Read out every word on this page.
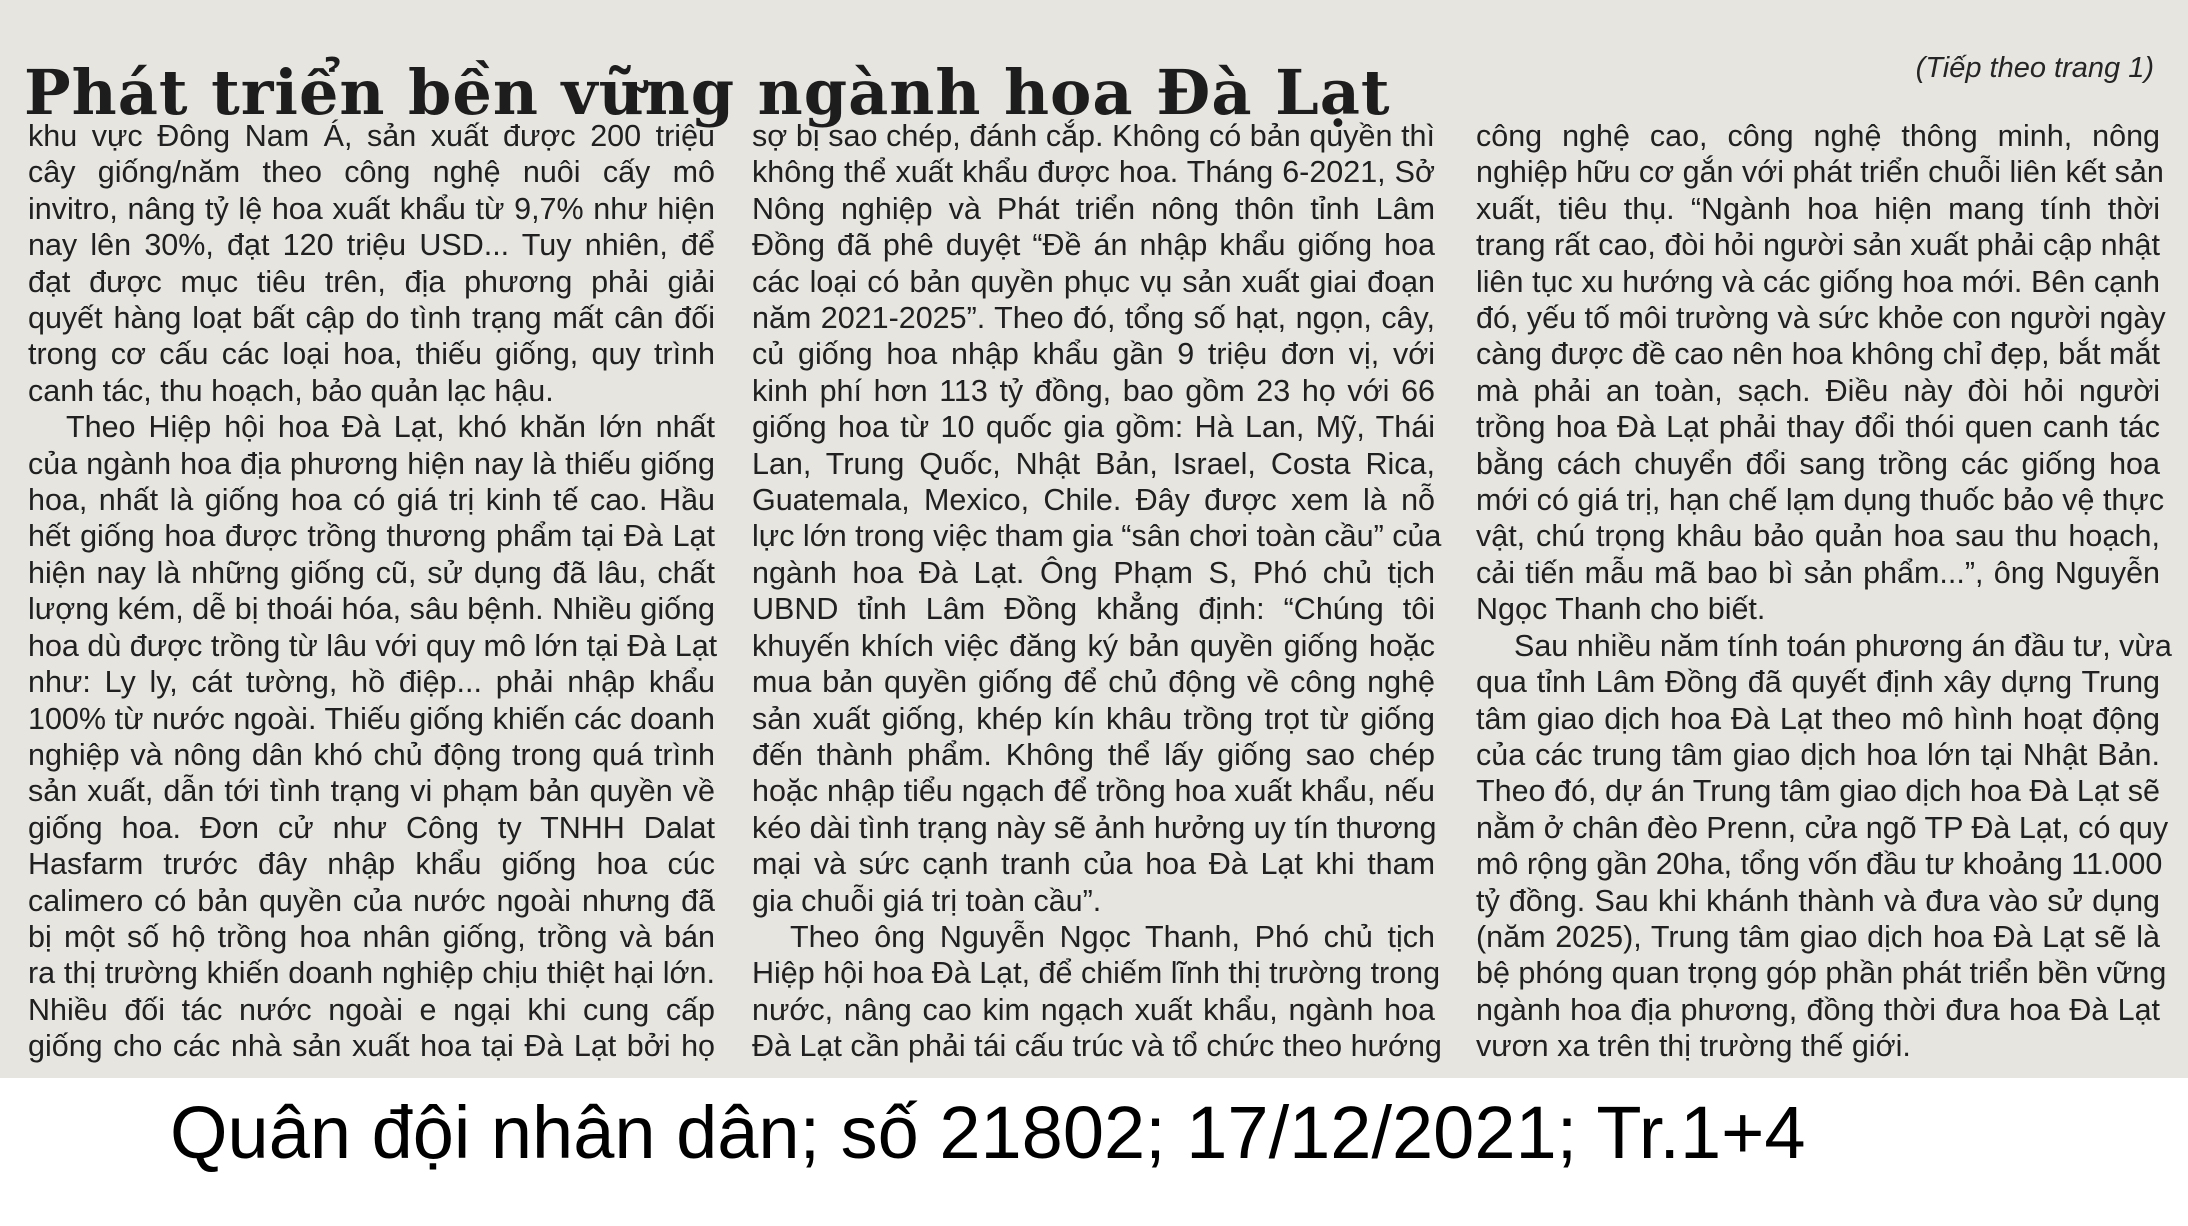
Phát triển bền vững ngành hoa Đà Lạt	(Tiếp theo trang 1)

khu vực Đông Nam Á, sản xuất được 200 triệu

cây giống/năm theo công nghệ nuôi cấy mô

invitro, nâng tỷ lệ hoa xuất khẩu từ 9,7% như hiện

nay lên 30%, đạt 120 triệu USD... Tuy nhiên, để

đạt được mục tiêu trên, địa phương phải giải

quyết hàng loạt bất cập do tình trạng mất cân đối

trong cơ cấu các loại hoa, thiếu giống, quy trình

canh tác, thu hoạch, bảo quản lạc hậu.

Theo Hiệp hội hoa Đà Lạt, khó khăn lớn nhất

của ngành hoa địa phương hiện nay là thiếu giống

hoa, nhất là giống hoa có giá trị kinh tế cao. Hầu

hết giống hoa được trồng thương phẩm tại Đà Lạt

hiện nay là những giống cũ, sử dụng đã lâu, chất

lượng kém, dễ bị thoái hóa, sâu bệnh. Nhiều giống

hoa dù được trồng từ lâu với quy mô lớn tại Đà Lạt

như: Ly ly, cát tường, hồ điệp... phải nhập khẩu

100% từ nước ngoài. Thiếu giống khiến các doanh

nghiệp và nông dân khó chủ động trong quá trình

sản xuất, dẫn tới tình trạng vi phạm bản quyền về

giống hoa. Đơn cử như Công ty TNHH Dalat

Hasfarm trước đây nhập khẩu giống hoa cúc

calimero có bản quyền của nước ngoài nhưng đã

bị một số hộ trồng hoa nhân giống, trồng và bán

ra thị trường khiến doanh nghiệp chịu thiệt hại lớn.

Nhiều đối tác nước ngoài e ngại khi cung cấp

giống cho các nhà sản xuất hoa tại Đà Lạt bởi họ

sợ bị sao chép, đánh cắp. Không có bản quyền thì

không thể xuất khẩu được hoa. Tháng 6-2021, Sở

Nông nghiệp và Phát triển nông thôn tỉnh Lâm

Đồng đã phê duyệt “Đề án nhập khẩu giống hoa

các loại có bản quyền phục vụ sản xuất giai đoạn

năm 2021-2025”. Theo đó, tổng số hạt, ngọn, cây,

củ giống hoa nhập khẩu gần 9 triệu đơn vị, với

kinh phí hơn 113 tỷ đồng, bao gồm 23 họ với 66

giống hoa từ 10 quốc gia gồm: Hà Lan, Mỹ, Thái

Lan, Trung Quốc, Nhật Bản, Israel, Costa Rica,

Guatemala, Mexico, Chile. Đây được xem là nỗ

lực lớn trong việc tham gia “sân chơi toàn cầu” của

ngành hoa Đà Lạt. Ông Phạm S, Phó chủ tịch

UBND tỉnh Lâm Đồng khẳng định: “Chúng tôi

khuyến khích việc đăng ký bản quyền giống hoặc

mua bản quyền giống để chủ động về công nghệ

sản xuất giống, khép kín khâu trồng trọt từ giống

đến thành phẩm. Không thể lấy giống sao chép

hoặc nhập tiểu ngạch để trồng hoa xuất khẩu, nếu

kéo dài tình trạng này sẽ ảnh hưởng uy tín thương

mại và sức cạnh tranh của hoa Đà Lạt khi tham

gia chuỗi giá trị toàn cầu”.

Theo ông Nguyễn Ngọc Thanh, Phó chủ tịch

Hiệp hội hoa Đà Lạt, để chiếm lĩnh thị trường trong

nước, nâng cao kim ngạch xuất khẩu, ngành hoa

Đà Lạt cần phải tái cấu trúc và tổ chức theo hướng

công nghệ cao, công nghệ thông minh, nông

nghiệp hữu cơ gắn với phát triển chuỗi liên kết sản

xuất, tiêu thụ. “Ngành hoa hiện mang tính thời

trang rất cao, đòi hỏi người sản xuất phải cập nhật

liên tục xu hướng và các giống hoa mới. Bên cạnh

đó, yếu tố môi trường và sức khỏe con người ngày

càng được đề cao nên hoa không chỉ đẹp, bắt mắt

mà phải an toàn, sạch. Điều này đòi hỏi người

trồng hoa Đà Lạt phải thay đổi thói quen canh tác

bằng cách chuyển đổi sang trồng các giống hoa

mới có giá trị, hạn chế lạm dụng thuốc bảo vệ thực

vật, chú trọng khâu bảo quản hoa sau thu hoạch,

cải tiến mẫu mã bao bì sản phẩm...”, ông Nguyễn

Ngọc Thanh cho biết.

Sau nhiều năm tính toán phương án đầu tư, vừa

qua tỉnh Lâm Đồng đã quyết định xây dựng Trung

tâm giao dịch hoa Đà Lạt theo mô hình hoạt động

của các trung tâm giao dịch hoa lớn tại Nhật Bản.

Theo đó, dự án Trung tâm giao dịch hoa Đà Lạt sẽ

nằm ở chân đèo Prenn, cửa ngõ TP Đà Lạt, có quy

mô rộng gần 20ha, tổng vốn đầu tư khoảng 11.000

tỷ đồng. Sau khi khánh thành và đưa vào sử dụng

(năm 2025), Trung tâm giao dịch hoa Đà Lạt sẽ là

bệ phóng quan trọng góp phần phát triển bền vững

ngành hoa địa phương, đồng thời đưa hoa Đà Lạt

vươn xa trên thị trường thế giới.

Quân đội nhân dân; số 21802; 17/12/2021; Tr.1+4
